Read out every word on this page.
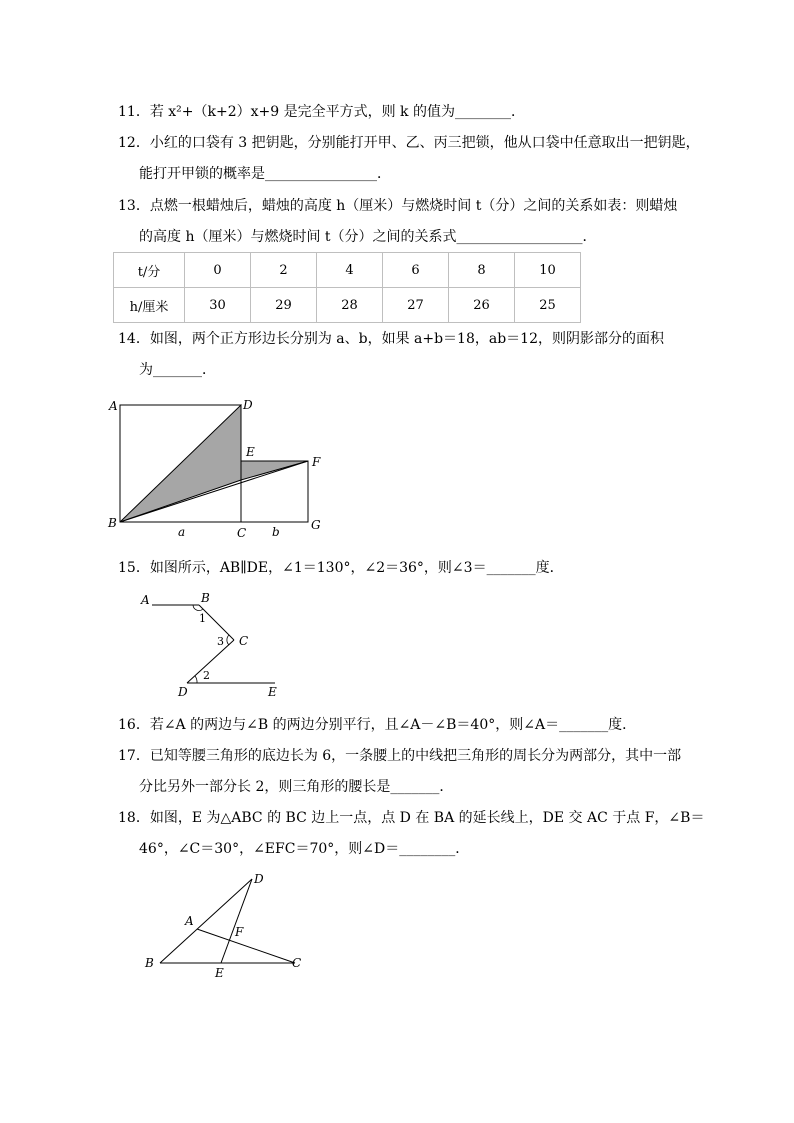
11．若 x²+（k+2）x+9 是完全平方式，则 k 的值为________．
12．小红的口袋有 3 把钥匙，分别能打开甲、乙、丙三把锁，他从口袋中任意取出一把钥匙，
能打开甲锁的概率是________________．
13．点燃一根蜡烛后，蜡烛的高度 h（厘米）与燃烧时间 t（分）之间的关系如表：则蜡烛
的高度 h（厘米）与燃烧时间 t（分）之间的关系式__________________．
t/分	0	2	4	6	8	10
h/厘米	30	29	28	27	26	25
14．如图，两个正方形边长分别为 a、b，如果 a+b＝18，ab＝12，则阴影部分的面积
为_______．
A	D
E
F
B
C
G
a	b
15．如图所示，AB∥DE，∠1＝130°，∠2＝36°，则∠3＝_______度．
A	B
C
D	E
1
3
2
16．若∠A 的两边与∠B 的两边分别平行，且∠A－∠B＝40°，则∠A＝_______度．
17．已知等腰三角形的底边长为 6，一条腰上的中线把三角形的周长分为两部分，其中一部
分比另外一部分长 2，则三角形的腰长是_______．
18．如图，E 为△ABC 的 BC 边上一点，点 D 在 BA 的延长线上，DE 交 AC 于点 F，∠B＝
46°，∠C＝30°，∠EFC＝70°，则∠D＝________．
D
A
F
B
E
C
